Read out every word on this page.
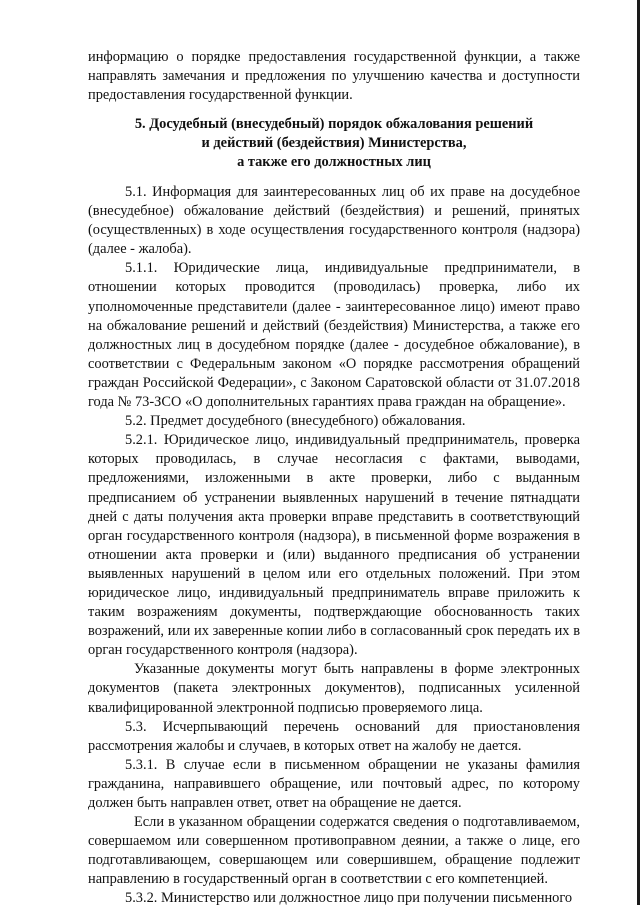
информацию о порядке предоставления государственной функции, а также направлять замечания и предложения по улучшению качества и доступности предоставления государственной функции.

5. Досудебный (внесудебный) порядок обжалования решений
и действий (бездействия) Министерства,
а также его должностных лиц

5.1. Информация для заинтересованных лиц об их праве на досудебное (внесудебное) обжалование действий (бездействия) и решений, принятых (осуществленных) в ходе осуществления государственного контроля (надзора) (далее - жалоба).

5.1.1. Юридические лица, индивидуальные предприниматели, в отношении которых проводится (проводилась) проверка, либо их уполномоченные представители (далее - заинтересованное лицо) имеют право на обжалование решений и действий (бездействия) Министерства, а также его должностных лиц в досудебном порядке (далее - досудебное обжалование), в соответствии с Федеральным законом «О порядке рассмотрения обращений граждан Российской Федерации», с Законом Саратовской области от 31.07.2018 года № 73-ЗСО «О дополнительных гарантиях права граждан на обращение».

5.2. Предмет досудебного (внесудебного) обжалования.

5.2.1. Юридическое лицо, индивидуальный предприниматель, проверка которых проводилась, в случае несогласия с фактами, выводами, предложениями, изложенными в акте проверки, либо с выданным предписанием об устранении выявленных нарушений в течение пятнадцати дней с даты получения акта проверки вправе представить в соответствующий орган государственного контроля (надзора), в письменной форме возражения в отношении акта проверки и (или) выданного предписания об устранении выявленных нарушений в целом или его отдельных положений. При этом юридическое лицо, индивидуальный предприниматель вправе приложить к таким возражениям документы, подтверждающие обоснованность таких возражений, или их заверенные копии либо в согласованный срок передать их в орган государственного контроля (надзора).

Указанные документы могут быть направлены в форме электронных документов (пакета электронных документов), подписанных усиленной квалифицированной электронной подписью проверяемого лица.

5.3. Исчерпывающий перечень оснований для приостановления рассмотрения жалобы и случаев, в которых ответ на жалобу не дается.

5.3.1. В случае если в письменном обращении не указаны фамилия гражданина, направившего обращение, или почтовый адрес, по которому должен быть направлен ответ, ответ на обращение не дается.

Если в указанном обращении содержатся сведения о подготавливаемом, совершаемом или совершенном противоправном деянии, а также о лице, его подготавливающем, совершающем или совершившем, обращение подлежит направлению в государственный орган в соответствии с его компетенцией.

5.3.2. Министерство или должностное лицо при получении письменного
